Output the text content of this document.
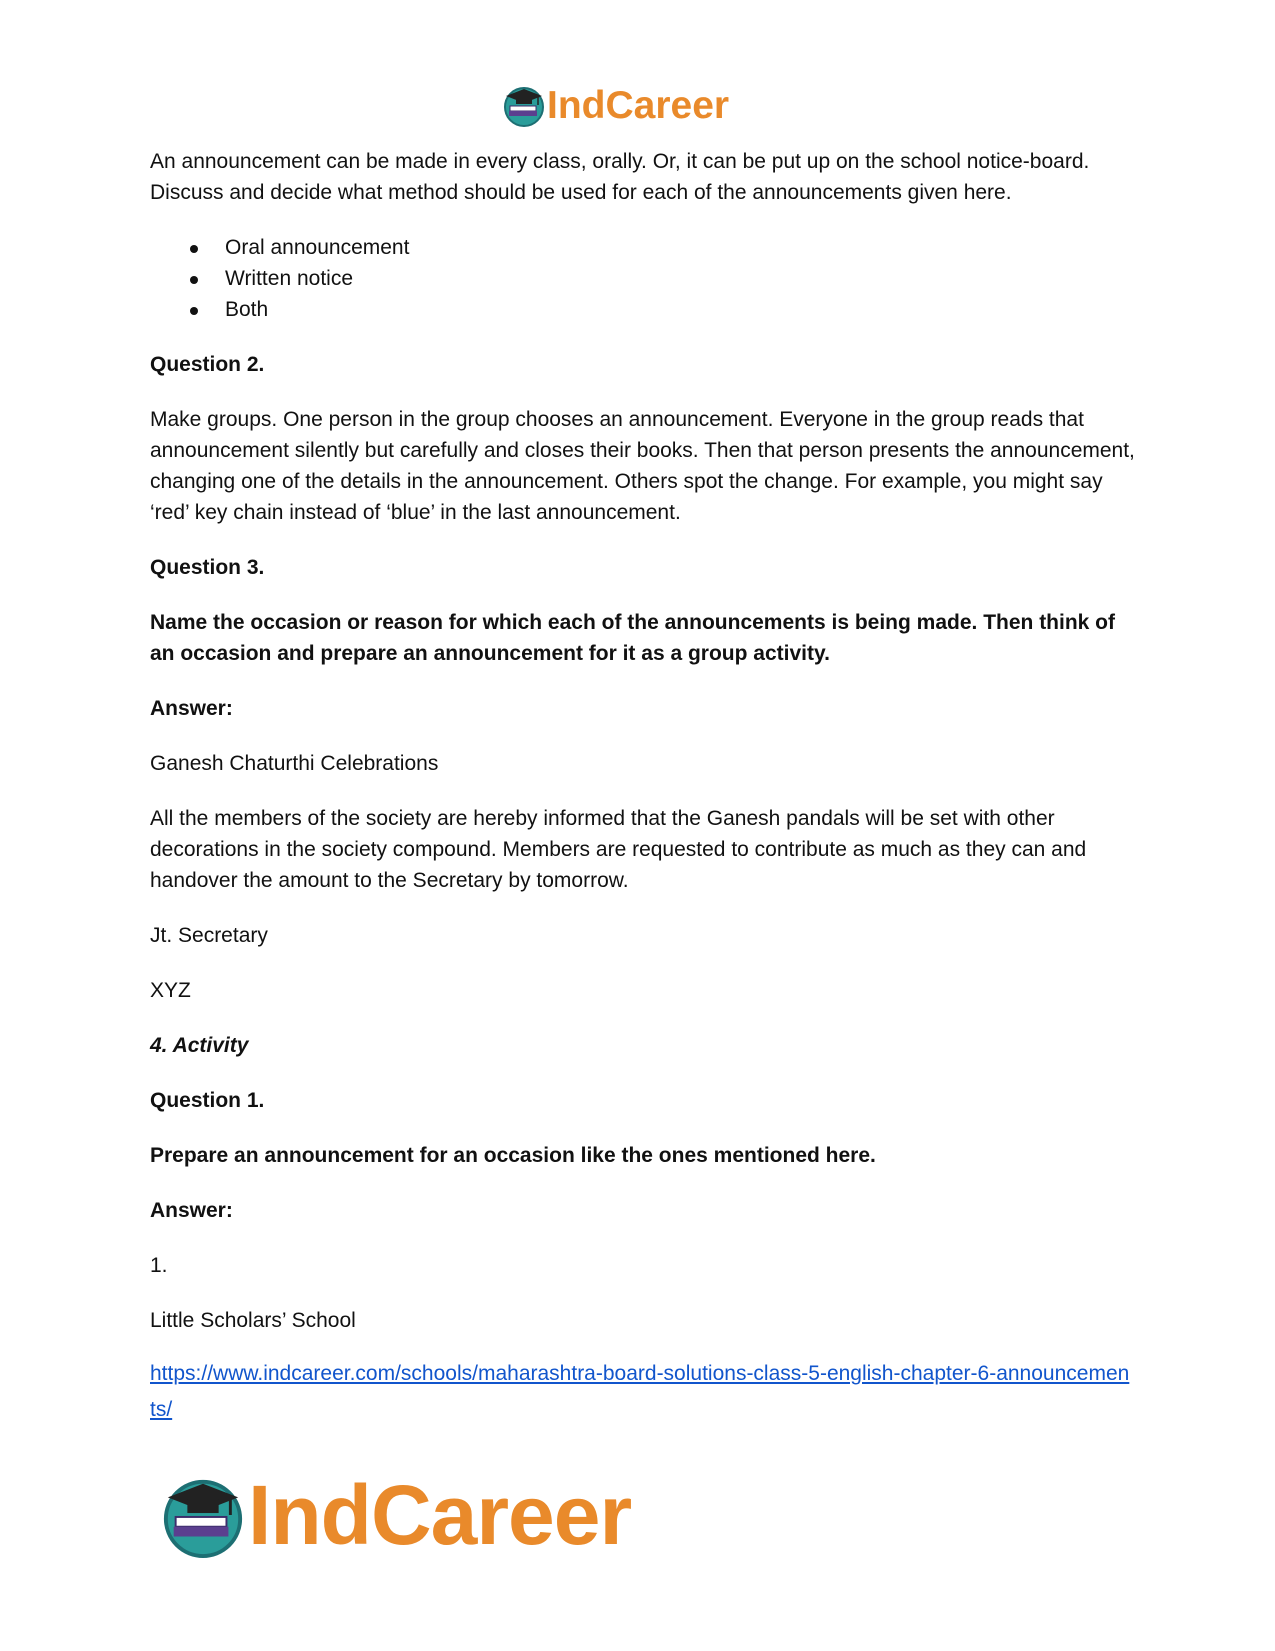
IndCareer

An announcement can be made in every class, orally. Or, it can be put up on the school notice-board. Discuss and decide what method should be used for each of the announcements given here.

Oral announcement
Written notice
Both

Question 2.

Make groups. One person in the group chooses an announcement. Everyone in the group reads that announcement silently but carefully and closes their books. Then that person presents the announcement, changing one of the details in the announcement. Others spot the change. For example, you might say ‘red’ key chain instead of ‘blue’ in the last announcement.

Question 3.

Name the occasion or reason for which each of the announcements is being made. Then think of an occasion and prepare an announcement for it as a group activity.

Answer:

Ganesh Chaturthi Celebrations

All the members of the society are hereby informed that the Ganesh pandals will be set with other decorations in the society compound. Members are requested to contribute as much as they can and handover the amount to the Secretary by tomorrow.

Jt. Secretary

XYZ

4. Activity

Question 1.

Prepare an announcement for an occasion like the ones mentioned here.

Answer:

1.

Little Scholars’ School

https://www.indcareer.com/schools/maharashtra-board-solutions-class-5-english-chapter-6-announcements/
IndCareer
